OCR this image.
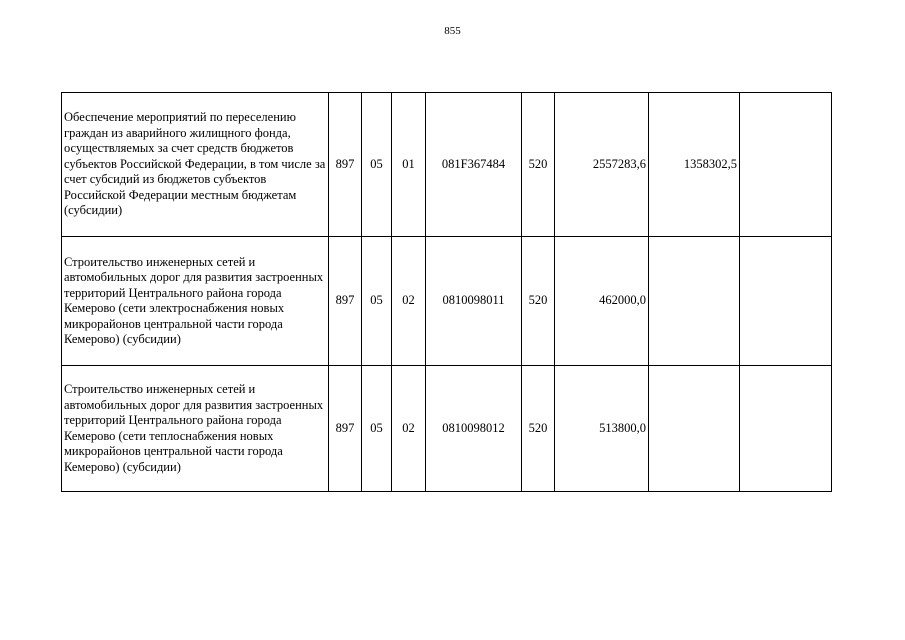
855
Обеспечение мероприятий по переселению граждан из аварийного жилищного фонда, осуществляемых за счет средств бюджетов субъектов Российской Федерации, в том числе за счет субсидий из бюджетов субъектов Российской Федерации местным бюджетам (субсидии)	897	05	01	081F367484	520	2557283,6	1358302,5	
Строительство инженерных сетей и автомобильных дорог для развития застроенных территорий Центрального района города Кемерово (сети электроснабжения новых микрорайонов центральной части города Кемерово) (субсидии)	897	05	02	0810098011	520	462000,0		
Строительство инженерных сетей и автомобильных дорог для развития застроенных территорий Центрального района города Кемерово (сети теплоснабжения новых микрорайонов центральной части города Кемерово) (субсидии)	897	05	02	0810098012	520	513800,0		
